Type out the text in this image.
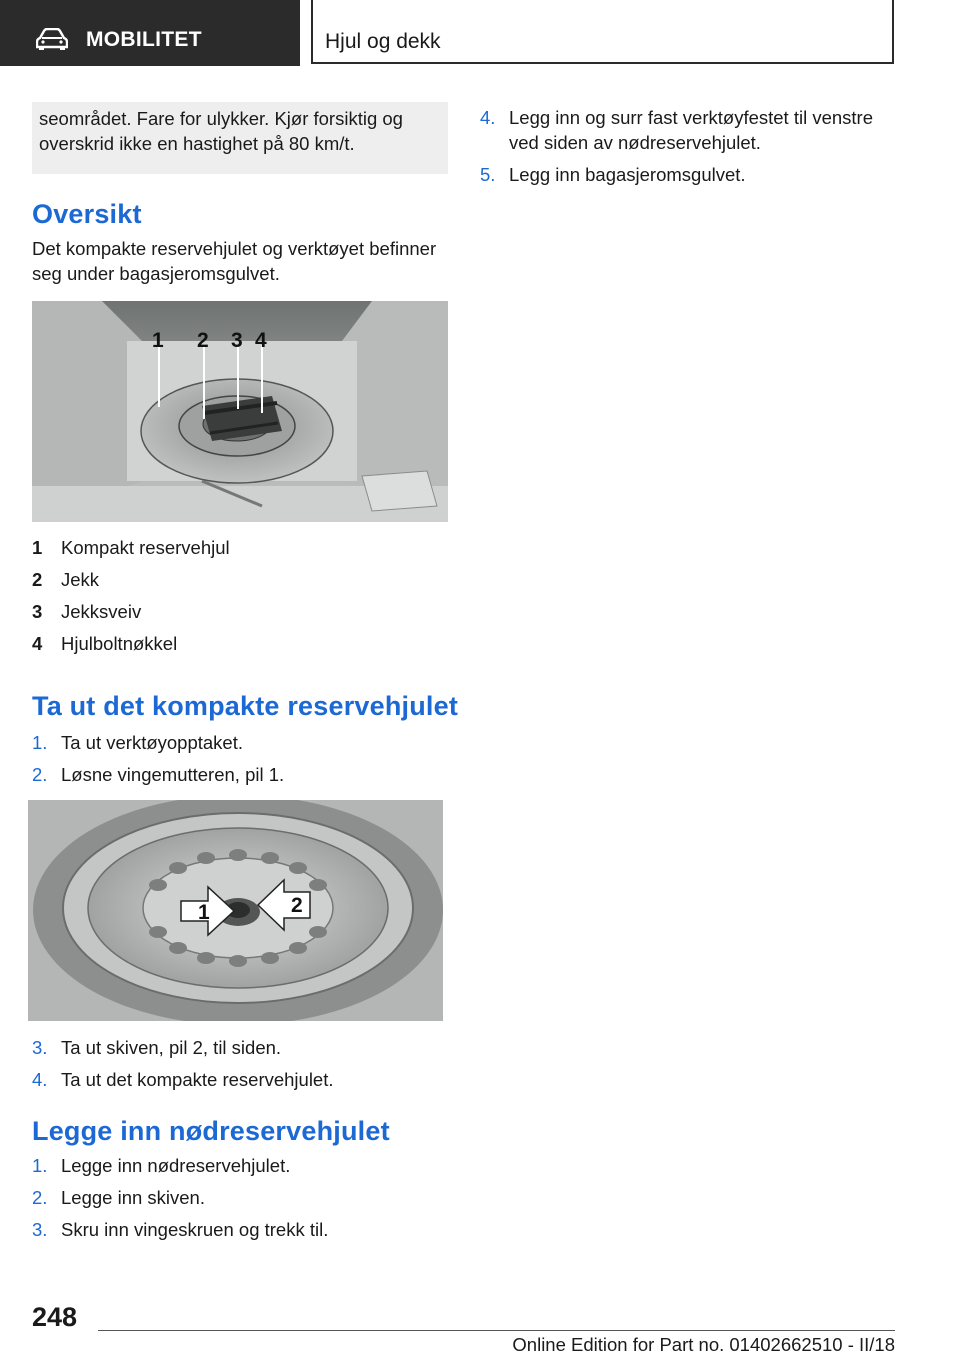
MOBILITET	Hjul og dekk

seområdet. Fare for ulykker. Kjør forsiktig og overskrid ikke en hastighet på 80 km/t.

Oversikt

Det kompakte reservehjulet og verktøyet befinner seg under bagasjeromsgulvet.

1 2 3 4
1 Kompakt reservehjul
2 Jekk
3 Jekksveiv
4 Hjulboltnøkkel
Ta ut det kompakte reservehjulet
1. Ta ut verktøyopptaket.
2. Løsne vingemutteren, pil 1.
1	2
3. Ta ut skiven, pil 2, til siden.
4. Ta ut det kompakte reservehjulet.
Legge inn nødreservehjulet
1. Legge inn nødreservehjulet.
2. Legge inn skiven.
3. Skru inn vingeskruen og trekk til.
4. Legg inn og surr fast verktøyfestet til venstre ved siden av nødreservehjulet.
5. Legg inn bagasjeromsgulvet.
248
Online Edition for Part no. 01402662510 - II/18
